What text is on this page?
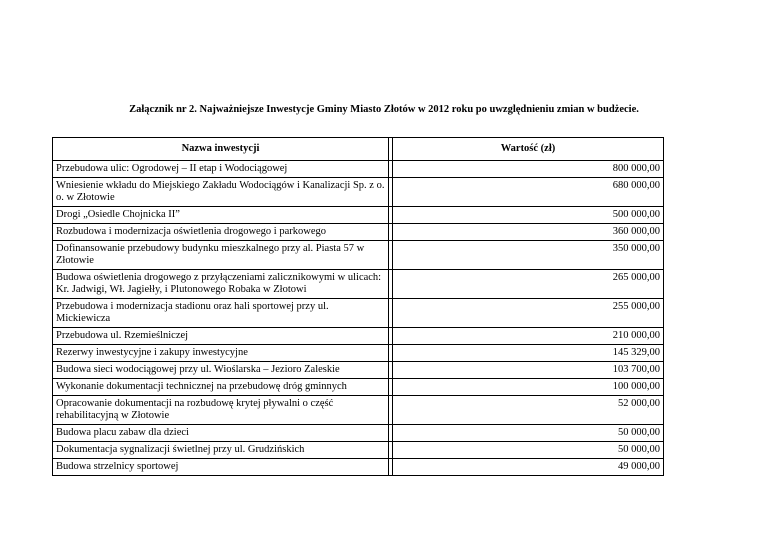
Załącznik nr 2. Najważniejsze Inwestycje Gminy Miasto Złotów w 2012 roku po uwzględnieniu zmian w budżecie.
Nazwa inwestycji		Wartość (zł)
Przebudowa ulic: Ogrodowej – II etap i Wodociągowej		800 000,00
Wniesienie wkładu do Miejskiego Zakładu Wodociągów i Kanalizacji Sp. z o. o. w Złotowie		680 000,00
Drogi „Osiedle Chojnicka II”		500 000,00
Rozbudowa i modernizacja oświetlenia drogowego i parkowego		360 000,00
Dofinansowanie przebudowy budynku mieszkalnego przy al. Piasta 57 w Złotowie		350 000,00
Budowa oświetlenia drogowego z przyłączeniami zalicznikowymi w ulicach: Kr. Jadwigi, Wł. Jagiełły, i Plutonowego Robaka w Złotowi		265 000,00
Przebudowa i modernizacja stadionu oraz hali sportowej przy ul. Mickiewicza		255 000,00
Przebudowa ul. Rzemieślniczej		210 000,00
Rezerwy inwestycyjne i zakupy inwestycyjne		145 329,00
Budowa sieci wodociągowej przy ul. Wioślarska – Jezioro Zaleskie		103 700,00
Wykonanie dokumentacji technicznej na przebudowę dróg gminnych		100 000,00
Opracowanie dokumentacji na rozbudowę krytej pływalni o część rehabilitacyjną w Złotowie		52 000,00
Budowa placu zabaw dla dzieci		50 000,00
Dokumentacja sygnalizacji świetlnej przy ul. Grudzińskich		50 000,00
Budowa strzelnicy sportowej		49 000,00
